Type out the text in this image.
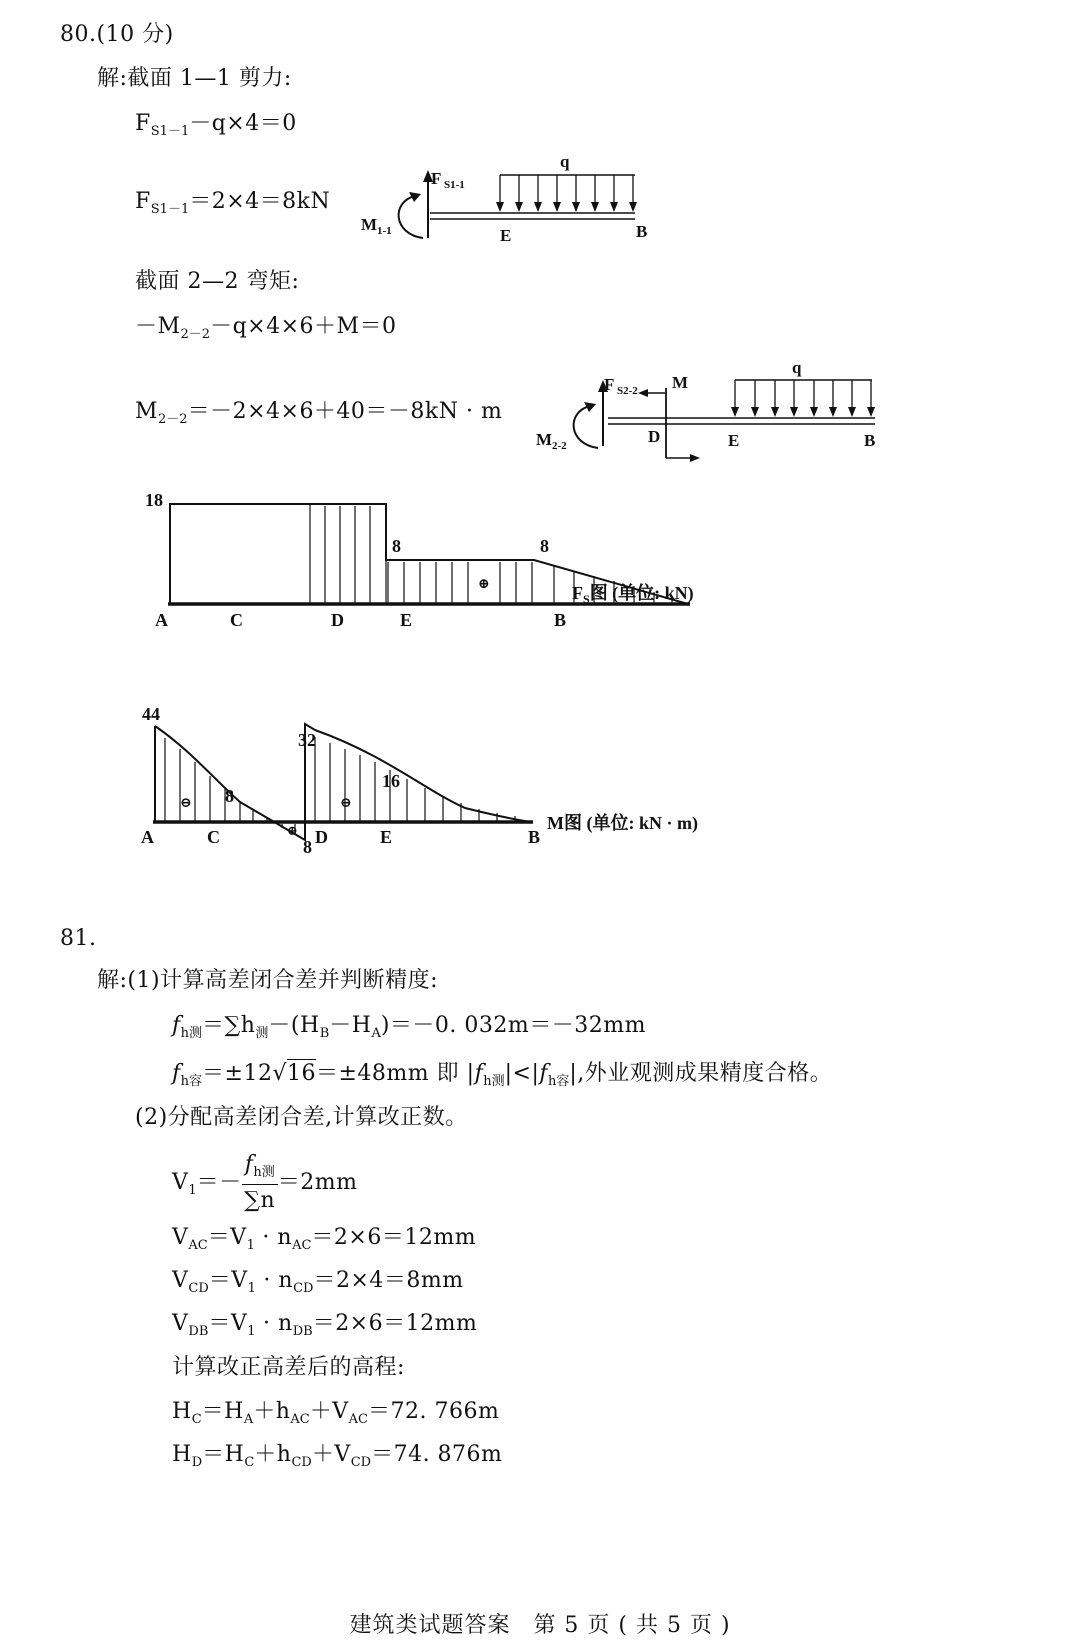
80.(10 分)
解:截面 1—1 剪力:
$F_{S1-1}-q\times 4=0$
$F_{S1-1}=2\times 4=8kN$
F S1-1
M 1-1
q
E	B
截面 2—2 弯矩:
$-M_{2-2}-q\times 4\times 6+M=0$
$M_{2-2}=-2\times 4\times 6+40=-8kN \cdot m$
F S2-2 M
M 2-2
q
D	E	B
18
8	8
⊕
A	C	D	E	B
$F_S$图 (单位: kN)
44
8
32
16
8
⊖	⊖
⊕
A	C	D	E	B
M图 (单位: kN · m)
81.
解:(1)计算高差闭合差并判断精度:
$f_{h测}=\sum h_测-(H_B-H_A)=-0$. 032m＝－32mm
$f_{h容}=\pm 12√16=\pm 48mm$ 即 $|f_{h测}|<|f_{h容}|$,外业观测成果精度合格。
(2)分配高差闭合差,计算改正数。
$V_1=- \frac{f_{h测}}{\sum n} =2mm$
$V_{AC}=V_1 \cdot n_{AC}=2\times 6=12mm$
$V_{CD}=V_1 \cdot n_{CD}=2\times 4=8mm$
$V_{DB}=V_1 \cdot n_{DB}=2\times 6=12mm$
计算改正高差后的高程:
$H_C=H_A+h_{AC}+V_{AC}=72$. 766m
$H_D=H_C+h_{CD}+V_{CD}=74$. 876m
建筑类试题答案　第 5 页 ( 共 5 页 )
